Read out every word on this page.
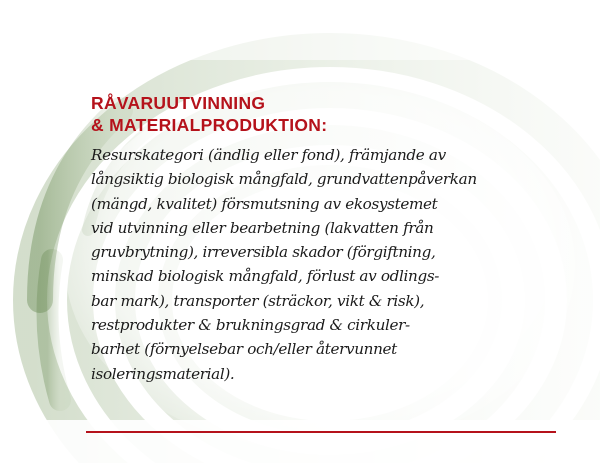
RÅVARUUTVINNING
& MATERIALPRODUKTION:

Resurskategori (ändlig eller fond), främjande av
långsiktig biologisk mångfald, grundvattenpåverkan
(mängd, kvalitet) försmutsning av ekosystemet
vid utvinning eller bearbetning (lakvatten från
gruvbrytning), irreversibla skador (förgiftning,
minskad biologisk mångfald, förlust av odlings-
bar mark), transporter (sträckor, vikt & risk),
restprodukter & brukningsgrad & cirkuler-
barhet (förnyelsebar och/eller återvunnet
isoleringsmaterial).
